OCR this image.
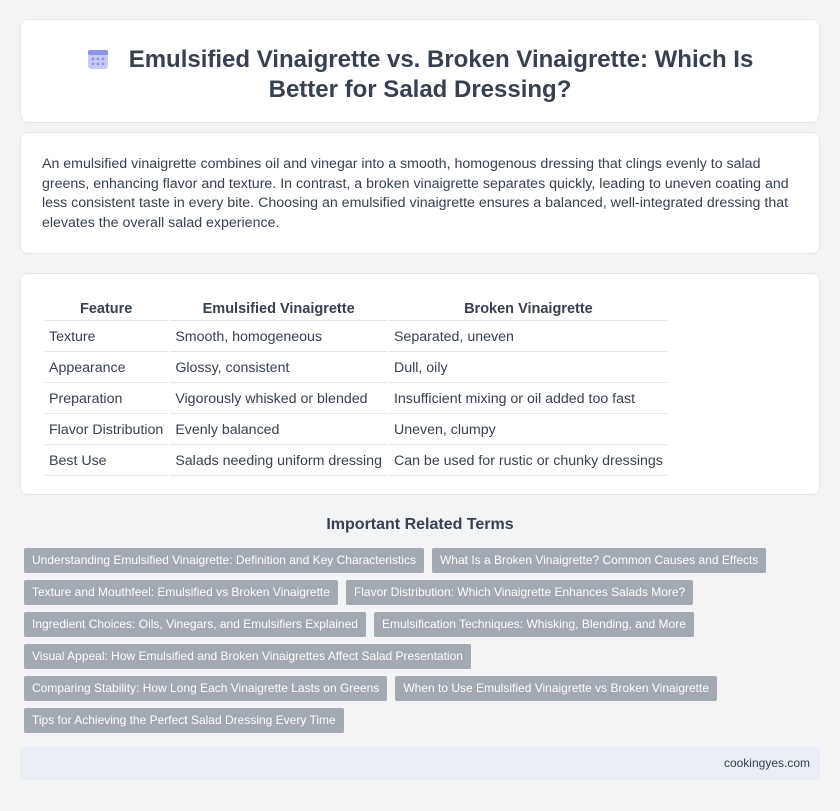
Emulsified Vinaigrette vs. Broken Vinaigrette: Which Is Better for Salad Dressing?

An emulsified vinaigrette combines oil and vinegar into a smooth, homogenous dressing that clings evenly to salad greens, enhancing flavor and texture. In contrast, a broken vinaigrette separates quickly, leading to uneven coating and less consistent taste in every bite. Choosing an emulsified vinaigrette ensures a balanced, well-integrated dressing that elevates the overall salad experience.

Feature	Emulsified Vinaigrette	Broken Vinaigrette
Texture	Smooth, homogeneous	Separated, uneven
Appearance	Glossy, consistent	Dull, oily
Preparation	Vigorously whisked or blended	Insufficient mixing or oil added too fast
Flavor Distribution	Evenly balanced	Uneven, clumpy
Best Use	Salads needing uniform dressing	Can be used for rustic or chunky dressings
Important Related Terms
Understanding Emulsified Vinaigrette: Definition and Key Characteristics What Is a Broken Vinaigrette? Common Causes and Effects
Texture and Mouthfeel: Emulsified vs Broken Vinaigrette Flavor Distribution: Which Vinaigrette Enhances Salads More?
Ingredient Choices: Oils, Vinegars, and Emulsifiers Explained Emulsification Techniques: Whisking, Blending, and More
Visual Appeal: How Emulsified and Broken Vinaigrettes Affect Salad Presentation
Comparing Stability: How Long Each Vinaigrette Lasts on Greens When to Use Emulsified Vinaigrette vs Broken Vinaigrette
Tips for Achieving the Perfect Salad Dressing Every Time
cookingyes.com
